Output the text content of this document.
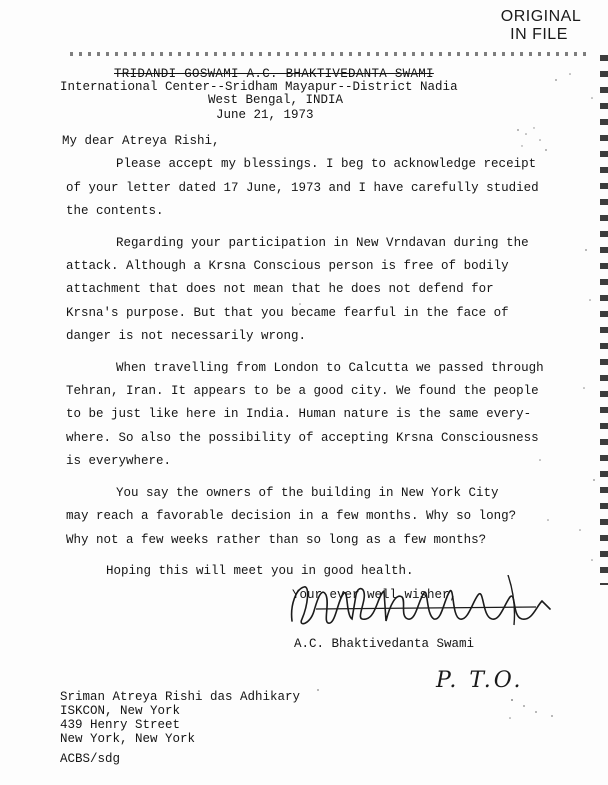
ORIGINAL
IN FILE
TRIDANDI GOSWAMI A.C. BHAKTIVEDANTA SWAMI
International Center--Sridham Mayapur--District Nadia
West Bengal, INDIA
June 21, 1973

My dear Atreya Rishi,

Please accept my blessings. I beg to acknowledge receipt

of your letter dated 17 June, 1973 and I have carefully studied

the contents.

Regarding your participation in New Vrndavan during the

attack. Although a Krsna Conscious person is free of bodily

attachment that does not mean that he does not defend for

Krsna's purpose. But that you became fearful in the face of

danger is not necessarily wrong.

When travelling from London to Calcutta we passed through

Tehran, Iran. It appears to be a good city. We found the people

to be just like here in India. Human nature is the same every-

where. So also the possibility of accepting Krsna Consciousness

is everywhere.

You say the owners of the building in New York City

may reach a favorable decision in a few months. Why so long?

Why not a few weeks rather than so long as a few months?

Hoping this will meet you in good health.

Your ever well wisher,
A.C. Bhaktivedanta Swami
P. T.O.
Sriman Atreya Rishi das Adhikary
ISKCON, New York
439 Henry Street
New York, New York
ACBS/sdg
